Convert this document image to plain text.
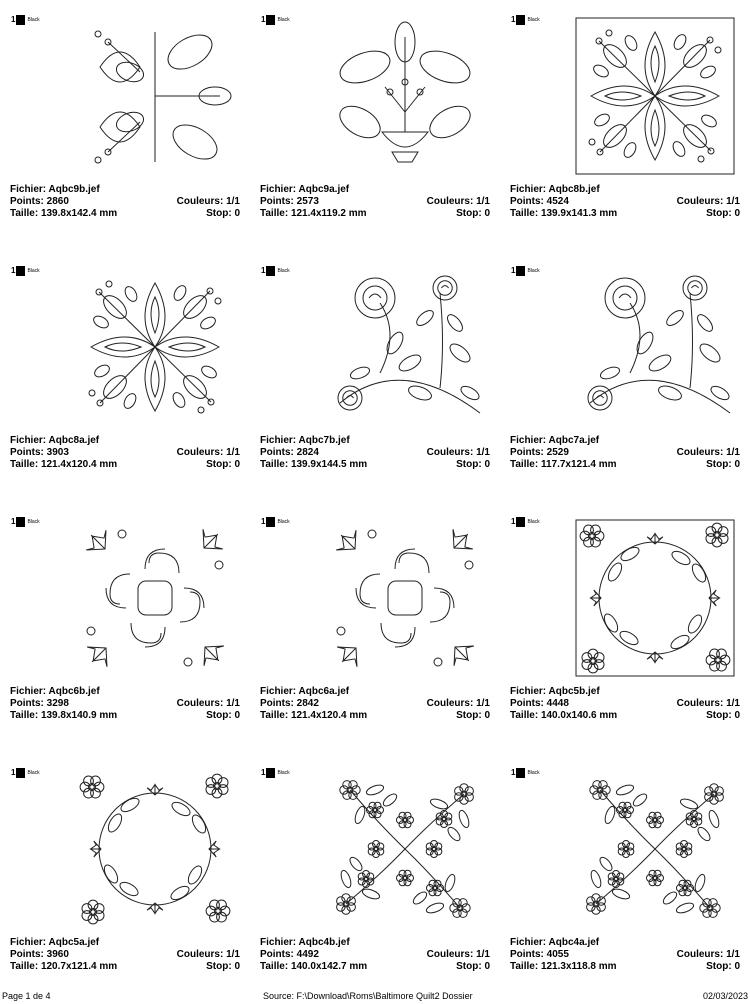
1 Black
Fichier: Aqbc9b.jef
Points: 2860	Couleurs: 1/1
Taille: 139.8x142.4 mm	Stop: 0
1 Black
Fichier: Aqbc9a.jef
Points: 2573	Couleurs: 1/1
Taille: 121.4x119.2 mm	Stop: 0
1 Black
Fichier: Aqbc8b.jef
Points: 4524	Couleurs: 1/1
Taille: 139.9x141.3 mm	Stop: 0
1 Black
Fichier: Aqbc8a.jef
Points: 3903	Couleurs: 1/1
Taille: 121.4x120.4 mm	Stop: 0
1 Black
Fichier: Aqbc7b.jef
Points: 2824	Couleurs: 1/1
Taille: 139.9x144.5 mm	Stop: 0
1 Black
Fichier: Aqbc7a.jef
Points: 2529	Couleurs: 1/1
Taille: 117.7x121.4 mm	Stop: 0
1 Black
Fichier: Aqbc6b.jef
Points: 3298	Couleurs: 1/1
Taille: 139.8x140.9 mm	Stop: 0
1 Black
Fichier: Aqbc6a.jef
Points: 2842	Couleurs: 1/1
Taille: 121.4x120.4 mm	Stop: 0
1 Black
Fichier: Aqbc5b.jef
Points: 4448	Couleurs: 1/1
Taille: 140.0x140.6 mm	Stop: 0
1 Black
Fichier: Aqbc5a.jef
Points: 3960	Couleurs: 1/1
Taille: 120.7x121.4 mm	Stop: 0
1 Black
Fichier: Aqbc4b.jef
Points: 4492	Couleurs: 1/1
Taille: 140.0x142.7 mm	Stop: 0
1 Black
Fichier: Aqbc4a.jef
Points: 4055	Couleurs: 1/1
Taille: 121.3x118.8 mm	Stop: 0
Page 1 de 4	Source: F:\Download\Roms\Baltimore Quilt2 Dossier	02/03/2023
